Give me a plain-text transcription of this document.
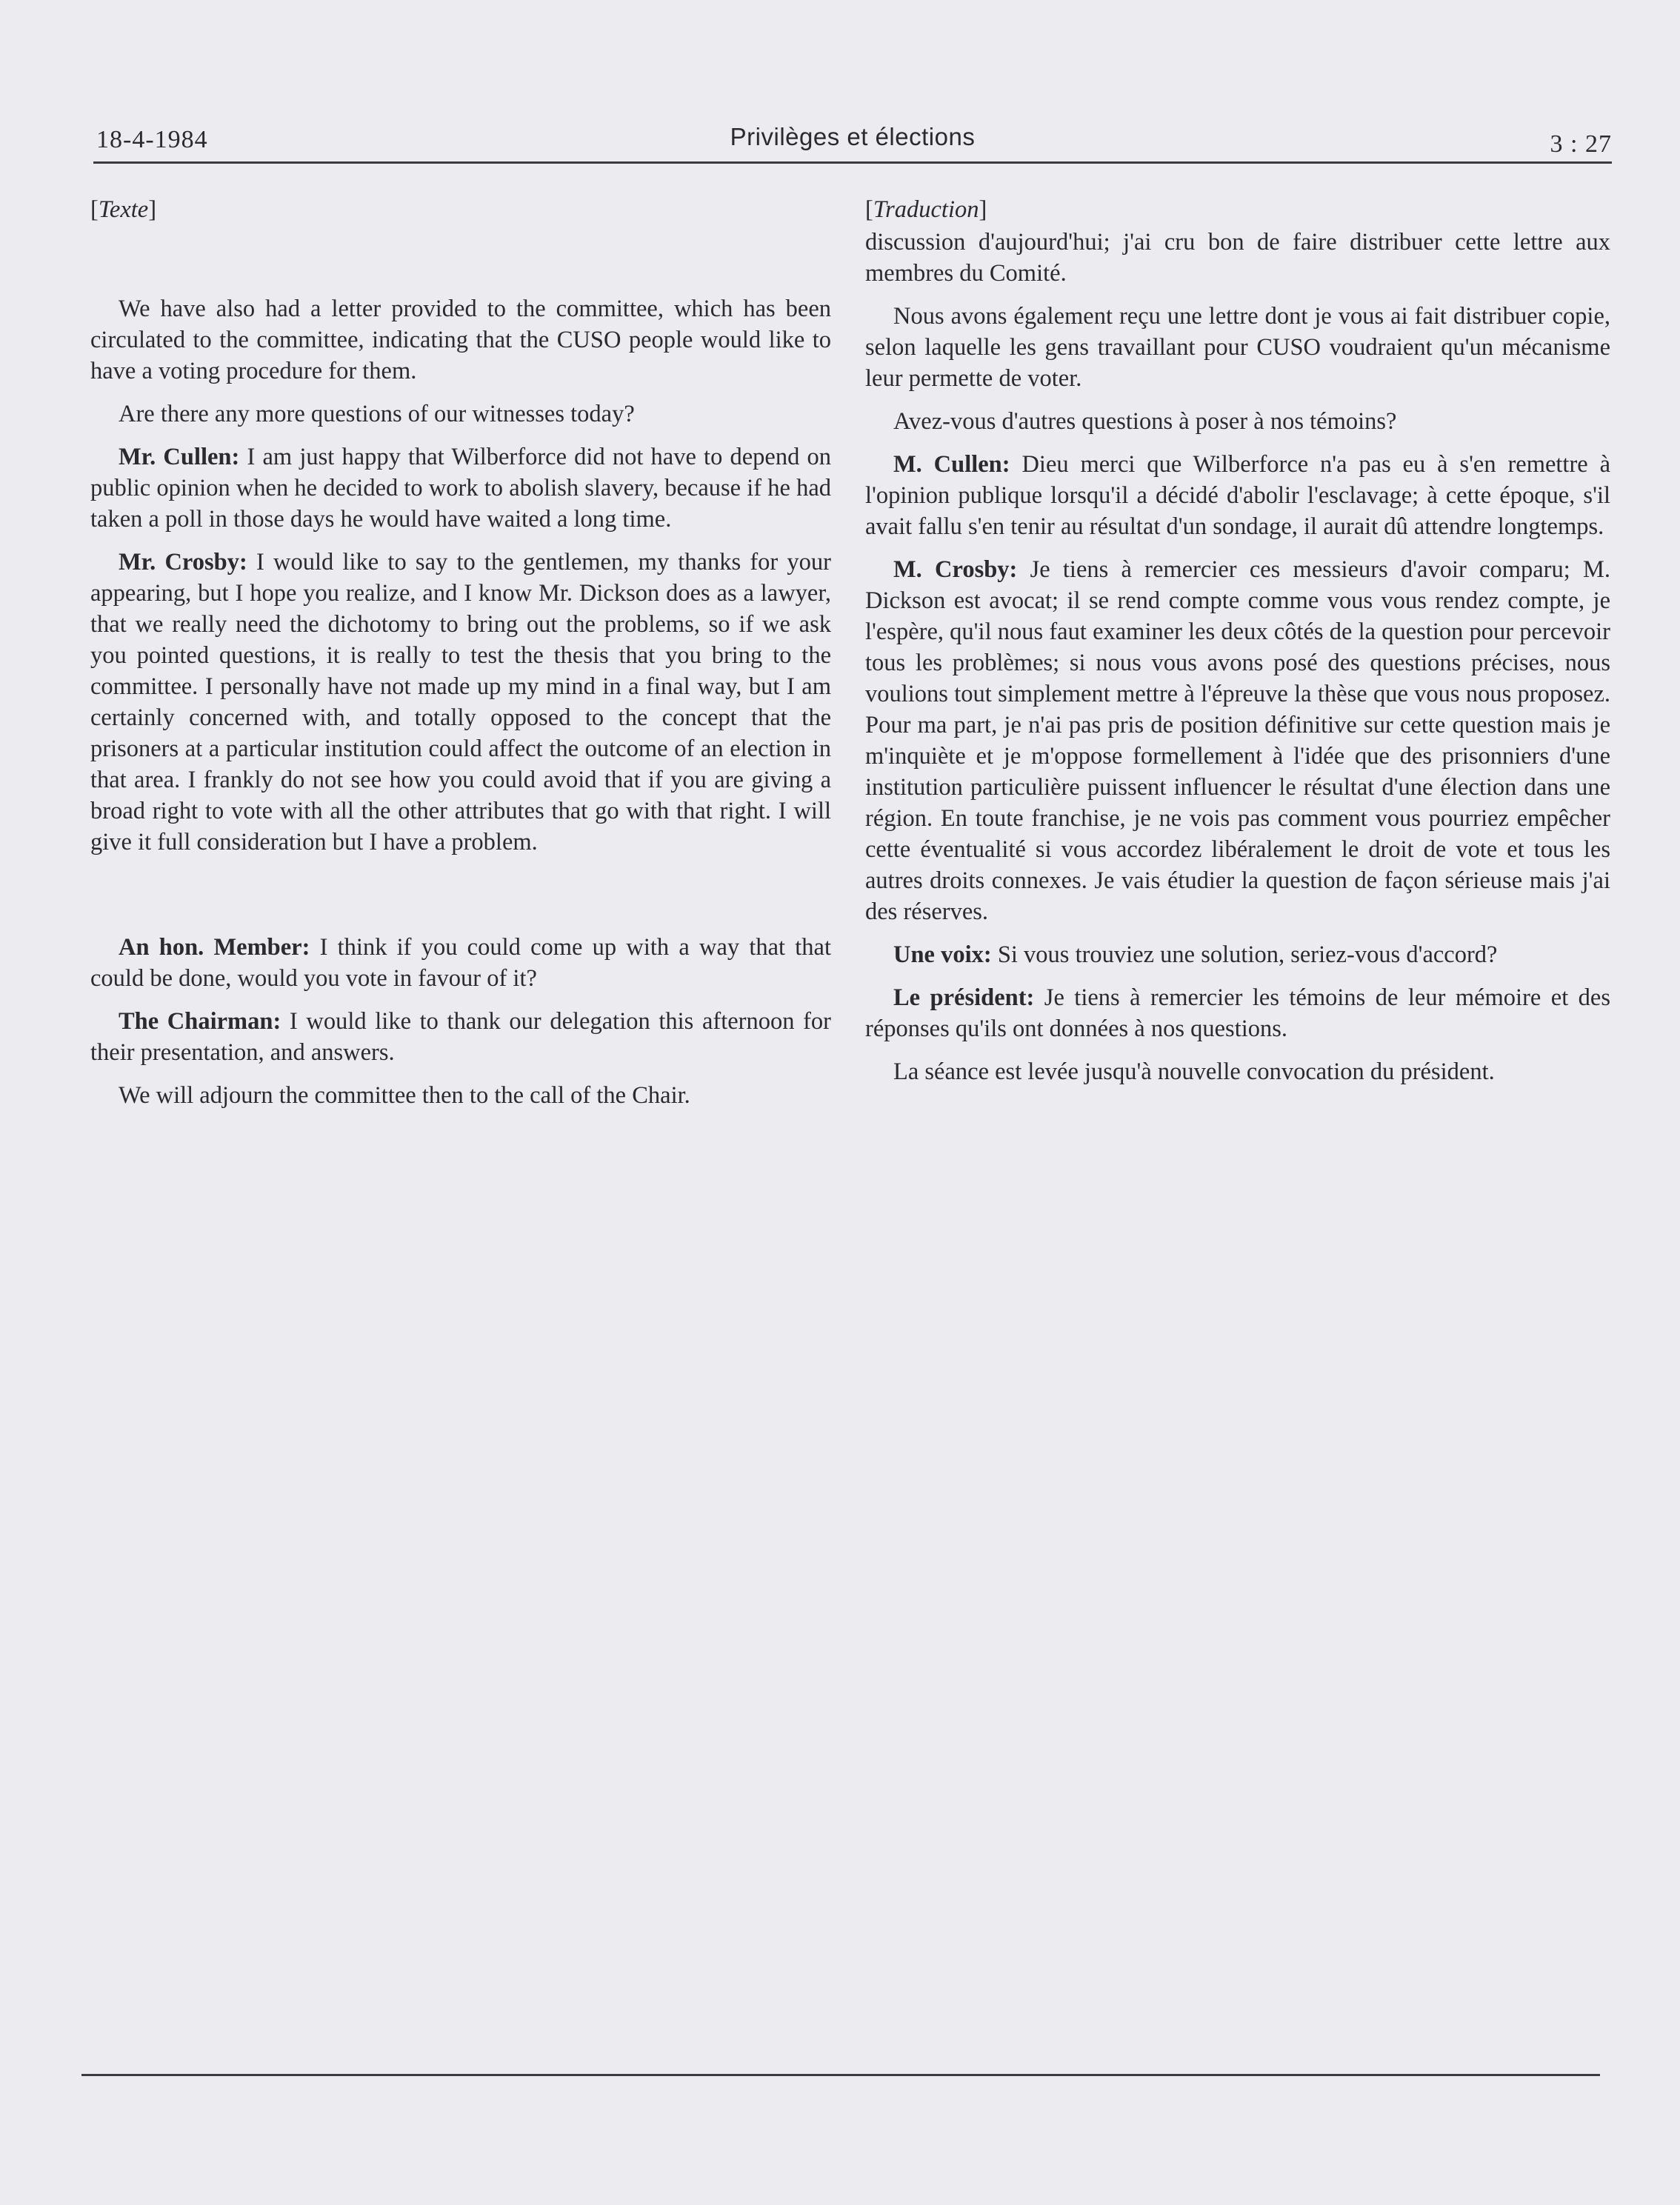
18-4-1984	Privilèges et élections	3 : 27

[Texte]

We have also had a letter provided to the committee, which has been circulated to the committee, indicating that the CUSO people would like to have a voting procedure for them.

Are there any more questions of our witnesses today?

Mr. Cullen: I am just happy that Wilberforce did not have to depend on public opinion when he decided to work to abolish slavery, because if he had taken a poll in those days he would have waited a long time.

Mr. Crosby: I would like to say to the gentlemen, my thanks for your appearing, but I hope you realize, and I know Mr. Dickson does as a lawyer, that we really need the dichotomy to bring out the problems, so if we ask you pointed questions, it is really to test the thesis that you bring to the committee. I personally have not made up my mind in a final way, but I am certainly concerned with, and totally opposed to the concept that the prisoners at a particular institution could affect the outcome of an election in that area. I frankly do not see how you could avoid that if you are giving a broad right to vote with all the other attributes that go with that right. I will give it full consideration but I have a problem.

An hon. Member: I think if you could come up with a way that that could be done, would you vote in favour of it?

The Chairman: I would like to thank our delegation this afternoon for their presentation, and answers.

We will adjourn the committee then to the call of the Chair.

[Traduction]

discussion d'aujourd'hui; j'ai cru bon de faire distribuer cette lettre aux membres du Comité.

Nous avons également reçu une lettre dont je vous ai fait distribuer copie, selon laquelle les gens travaillant pour CUSO voudraient qu'un mécanisme leur permette de voter.

Avez-vous d'autres questions à poser à nos témoins?

M. Cullen: Dieu merci que Wilberforce n'a pas eu à s'en remettre à l'opinion publique lorsqu'il a décidé d'abolir l'esclavage; à cette époque, s'il avait fallu s'en tenir au résultat d'un sondage, il aurait dû attendre longtemps.

M. Crosby: Je tiens à remercier ces messieurs d'avoir comparu; M. Dickson est avocat; il se rend compte comme vous vous rendez compte, je l'espère, qu'il nous faut examiner les deux côtés de la question pour percevoir tous les problèmes; si nous vous avons posé des questions précises, nous voulions tout simplement mettre à l'épreuve la thèse que vous nous proposez. Pour ma part, je n'ai pas pris de position définitive sur cette question mais je m'inquiète et je m'oppose formellement à l'idée que des prisonniers d'une institution particulière puissent influencer le résultat d'une élection dans une région. En toute franchise, je ne vois pas comment vous pourriez empêcher cette éventualité si vous accordez libéralement le droit de vote et tous les autres droits connexes. Je vais étudier la question de façon sérieuse mais j'ai des réserves.

Une voix: Si vous trouviez une solution, seriez-vous d'accord?

Le président: Je tiens à remercier les témoins de leur mémoire et des réponses qu'ils ont données à nos questions.

La séance est levée jusqu'à nouvelle convocation du président.
